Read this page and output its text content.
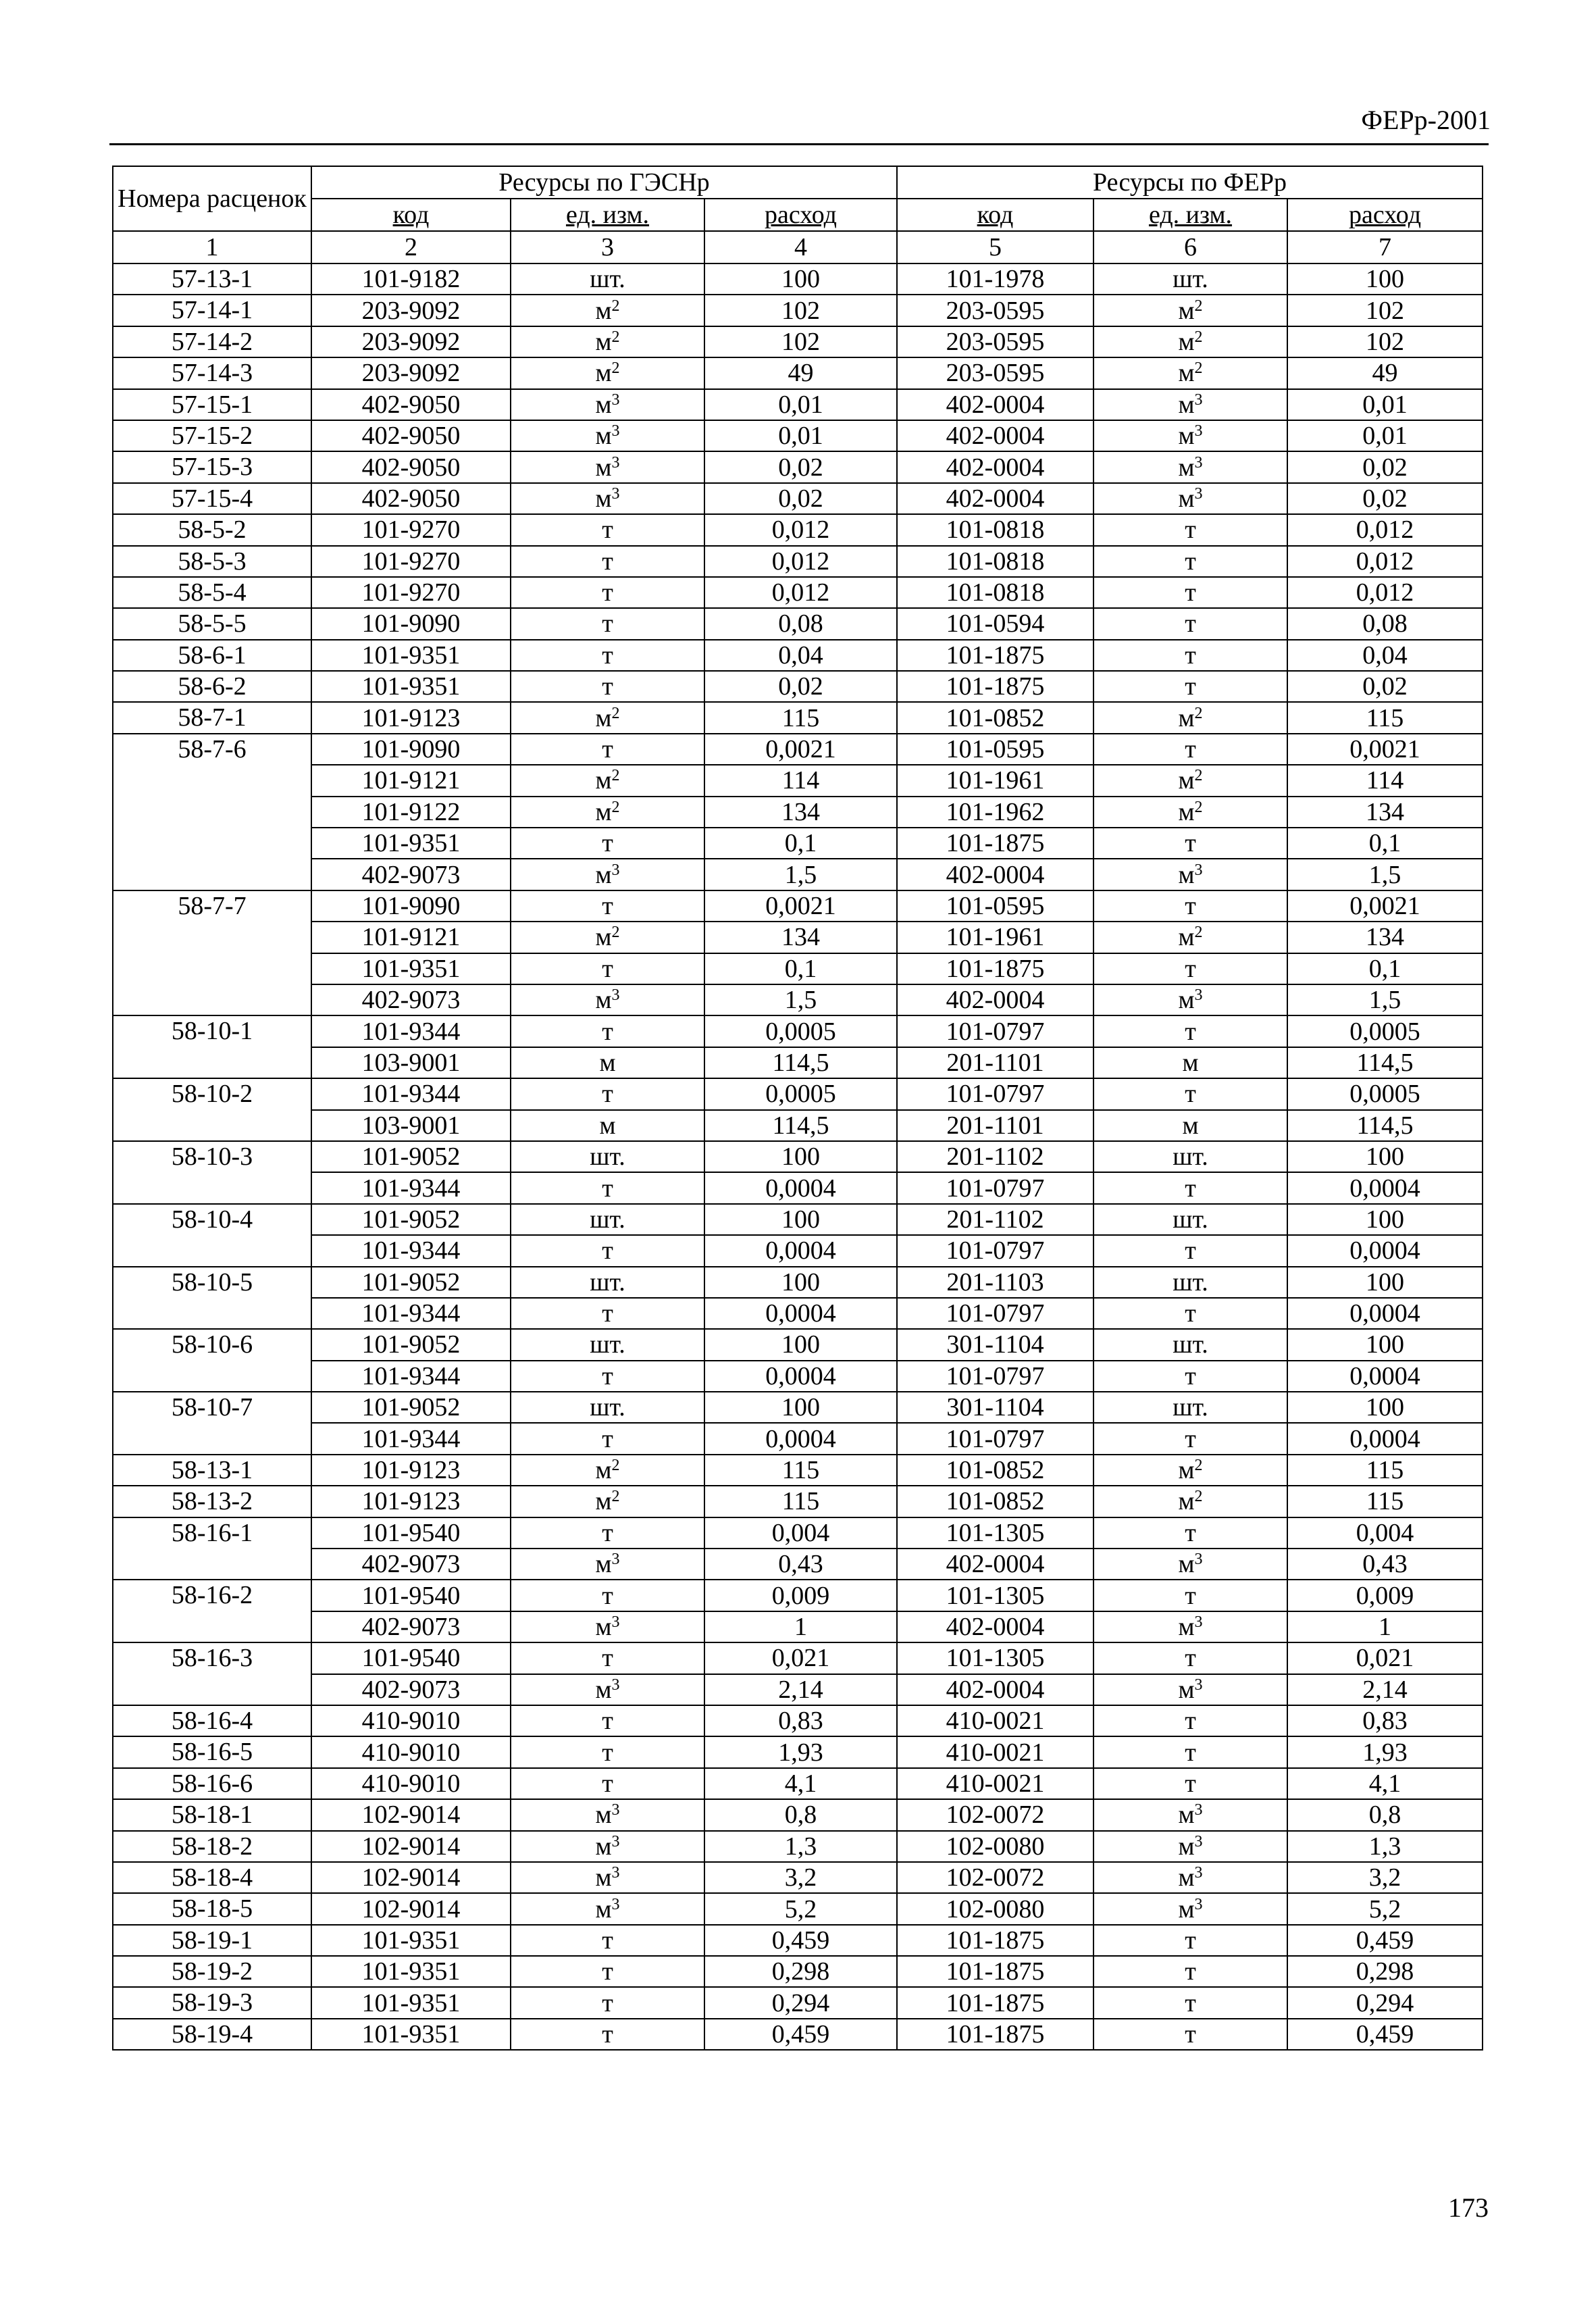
ФЕРр-2001
Номера расценок	Ресурсы по ГЭСНр			Ресурсы по ФЕРр		
	код	ед. изм.	расход	код	ед. изм.	расход
1	2	3	4	5	6	7
57-13-1	101-9182	шт.	100	101-1978	шт.	100
57-14-1	203-9092	$м^2$	102	203-0595	$м^2$	102
57-14-2	203-9092	$м^2$	102	203-0595	$м^2$	102
57-14-3	203-9092	$м^2$	49	203-0595	$м^2$	49
57-15-1	402-9050	$м^3$	0,01	402-0004	$м^3$	0,01
57-15-2	402-9050	$м^3$	0,01	402-0004	$м^3$	0,01
57-15-3	402-9050	$м^3$	0,02	402-0004	$м^3$	0,02
57-15-4	402-9050	$м^3$	0,02	402-0004	$м^3$	0,02
58-5-2	101-9270	т	0,012	101-0818	т	0,012
58-5-3	101-9270	т	0,012	101-0818	т	0,012
58-5-4	101-9270	т	0,012	101-0818	т	0,012
58-5-5	101-9090	т	0,08	101-0594	т	0,08
58-6-1	101-9351	т	0,04	101-1875	т	0,04
58-6-2	101-9351	т	0,02	101-1875	т	0,02
58-7-1	101-9123	$м^2$	115	101-0852	$м^2$	115
58-7-6	101-9090	т	0,0021	101-0595	т	0,0021
	101-9121	$м^2$	114	101-1961	$м^2$	114
	101-9122	$м^2$	134	101-1962	$м^2$	134
	101-9351	т	0,1	101-1875	т	0,1
	402-9073	$м^3$	1,5	402-0004	$м^3$	1,5
58-7-7	101-9090	т	0,0021	101-0595	т	0,0021
	101-9121	$м^2$	134	101-1961	$м^2$	134
	101-9351	т	0,1	101-1875	т	0,1
	402-9073	$м^3$	1,5	402-0004	$м^3$	1,5
58-10-1	101-9344	т	0,0005	101-0797	т	0,0005
	103-9001	м	114,5	201-1101	м	114,5
58-10-2	101-9344	т	0,0005	101-0797	т	0,0005
	103-9001	м	114,5	201-1101	м	114,5
58-10-3	101-9052	шт.	100	201-1102	шт.	100
	101-9344	т	0,0004	101-0797	т	0,0004
58-10-4	101-9052	шт.	100	201-1102	шт.	100
	101-9344	т	0,0004	101-0797	т	0,0004
58-10-5	101-9052	шт.	100	201-1103	шт.	100
	101-9344	т	0,0004	101-0797	т	0,0004
58-10-6	101-9052	шт.	100	301-1104	шт.	100
	101-9344	т	0,0004	101-0797	т	0,0004
58-10-7	101-9052	шт.	100	301-1104	шт.	100
	101-9344	т	0,0004	101-0797	т	0,0004
58-13-1	101-9123	$м^2$	115	101-0852	$м^2$	115
58-13-2	101-9123	$м^2$	115	101-0852	$м^2$	115
58-16-1	101-9540	т	0,004	101-1305	т	0,004
	402-9073	$м^3$	0,43	402-0004	$м^3$	0,43
58-16-2	101-9540	т	0,009	101-1305	т	0,009
	402-9073	$м^3$	1	402-0004	$м^3$	1
58-16-3	101-9540	т	0,021	101-1305	т	0,021
	402-9073	$м^3$	2,14	402-0004	$м^3$	2,14
58-16-4	410-9010	т	0,83	410-0021	т	0,83
58-16-5	410-9010	т	1,93	410-0021	т	1,93
58-16-6	410-9010	т	4,1	410-0021	т	4,1
58-18-1	102-9014	$м^3$	0,8	102-0072	$м^3$	0,8
58-18-2	102-9014	$м^3$	1,3	102-0080	$м^3$	1,3
58-18-4	102-9014	$м^3$	3,2	102-0072	$м^3$	3,2
58-18-5	102-9014	$м^3$	5,2	102-0080	$м^3$	5,2
58-19-1	101-9351	т	0,459	101-1875	т	0,459
58-19-2	101-9351	т	0,298	101-1875	т	0,298
58-19-3	101-9351	т	0,294	101-1875	т	0,294
58-19-4	101-9351	т	0,459	101-1875	т	0,459
173
